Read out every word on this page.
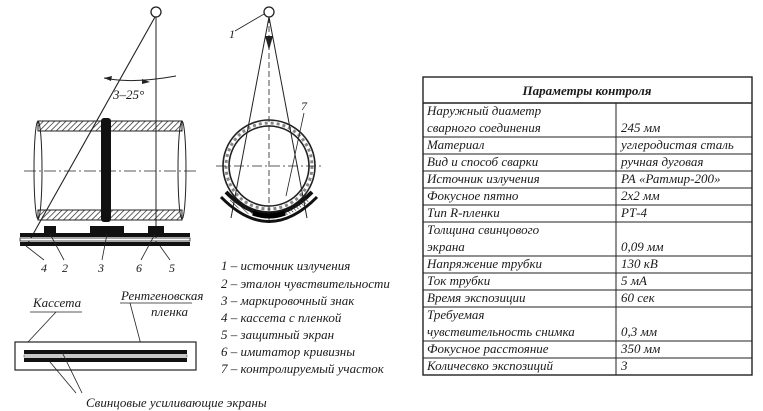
3–25°
4 2	3	6 5
1
7
1 – источник излучения
2 – эталон чувствительности
3 – маркировочный знак
4 – кассета с пленкой
5 – защитный экран
6 – имитатор кривизны
7 – контролируемый участок
Кассета	Рентгеновская
пленка
Свинцовые усиливающие экраны
Параметры контроля
Наружный диаметр
сварного соединения	245 мм
Материал	углеродистая сталь
Вид и способ сварки	ручная дуговая
Источник излучения	РА «Ратмир-200»
Фокусное пятно	2x2 мм
Тип R-пленки	РТ-4
Толщина свинцового
экрана	0,09 мм
Напряжение трубки	130 кВ
Ток трубки	5 мА
Время экспозиции	60 сек
Требуемая
чувствительность снимка	0,3 мм
Фокусное расстояние	350 мм
Количесвко экспозиций	3
